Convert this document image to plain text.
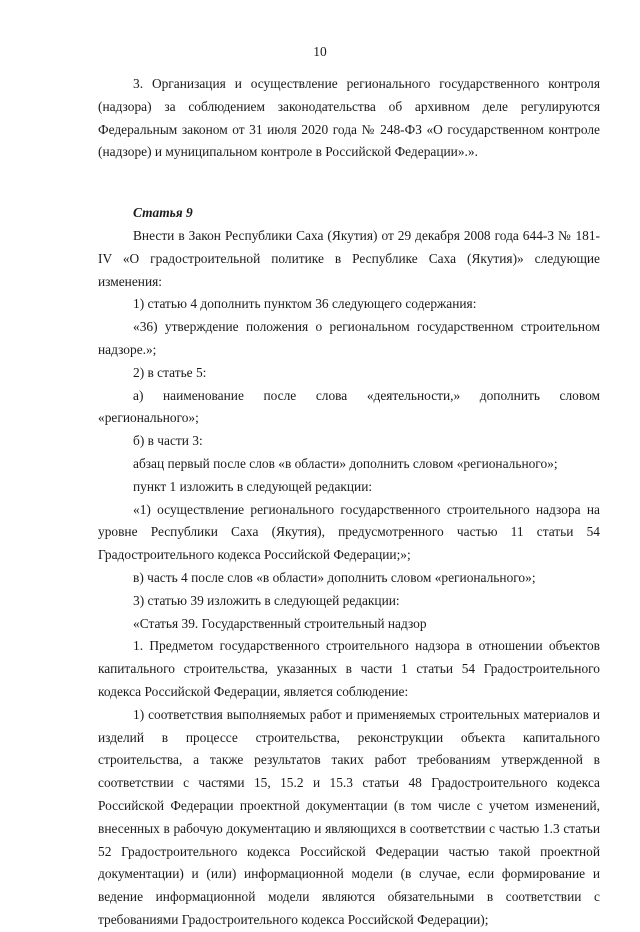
10

3. Организация и осуществление регионального государственного контроля (надзора) за соблюдением законодательства об архивном деле регулируются Федеральным законом от 31 июля 2020 года № 248-ФЗ «О государственном контроле (надзоре) и муниципальном контроле в Российской Федерации».».

Статья 9

Внести в Закон Республики Саха (Якутия) от 29 декабря 2008 года 644-З № 181-IV «О градостроительной политике в Республике Саха (Якутия)» следующие изменения:

1) статью 4 дополнить пунктом 36 следующего содержания:

«36) утверждение положения о региональном государственном строительном надзоре.»;

2) в статье 5:

а) наименование после слова «деятельности,» дополнить словом «регионального»;

б) в части 3:

абзац первый после слов «в области» дополнить словом «регионального»;

пункт 1 изложить в следующей редакции:

«1) осуществление регионального государственного строительного надзора на уровне Республики Саха (Якутия), предусмотренного частью 11 статьи 54 Градостроительного кодекса Российской Федерации;»;

в) часть 4 после слов «в области» дополнить словом «регионального»;

3) статью 39 изложить в следующей редакции:

«Статья 39. Государственный строительный надзор

1. Предметом государственного строительного надзора в отношении объектов капитального строительства, указанных в части 1 статьи 54 Градостроительного кодекса Российской Федерации, является соблюдение:

1) соответствия выполняемых работ и применяемых строительных материалов и изделий в процессе строительства, реконструкции объекта капитального строительства, а также результатов таких работ требованиям утвержденной в соответствии с частями 15, 15.2 и 15.3 статьи 48 Градостроительного кодекса Российской Федерации проектной документации (в том числе с учетом изменений, внесенных в рабочую документацию и являющихся в соответствии с частью 1.3 статьи 52 Градостроительного кодекса Российской Федерации частью такой проектной документации) и (или) информационной модели (в случае, если формирование и ведение информационной модели являются обязательными в соответствии с требованиями Градостроительного кодекса Российской Федерации);
